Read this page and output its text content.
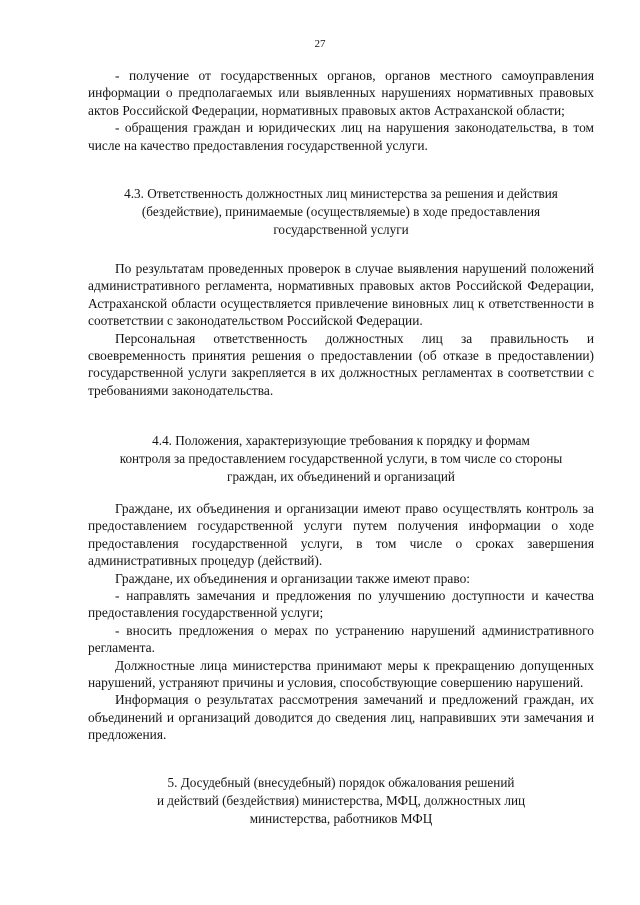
27

- получение от государственных органов, органов местного самоуправления информации о предполагаемых или выявленных нарушениях нормативных правовых актов Российской Федерации, нормативных правовых актов Астраханской области;

- обращения граждан и юридических лиц на нарушения законодательства, в том числе на качество предоставления государственной услуги.

4.3. Ответственность должностных лиц министерства за решения и действия

(бездействие), принимаемые (осуществляемые) в ходе предоставления

государственной услуги

По результатам проведенных проверок в случае выявления нарушений положений административного регламента, нормативных правовых актов Российской Федерации, Астраханской области осуществляется привлечение виновных лиц к ответственности в соответствии с законодательством Российской Федерации.

Персональная ответственность должностных лиц за правильность и своевременность принятия решения о предоставлении (об отказе в предоставлении) государственной услуги закрепляется в их должностных регламентах в соответствии с требованиями законодательства.

4.4. Положения, характеризующие требования к порядку и формам

контроля за предоставлением государственной услуги, в том числе со стороны

граждан, их объединений и организаций

Граждане, их объединения и организации имеют право осуществлять контроль за предоставлением государственной услуги путем получения информации о ходе предоставления государственной услуги, в том числе о сроках завершения административных процедур (действий).

Граждане, их объединения и организации также имеют право:

- направлять замечания и предложения по улучшению доступности и качества предоставления государственной услуги;

- вносить предложения о мерах по устранению нарушений административного регламента.

Должностные лица министерства принимают меры к прекращению допущенных нарушений, устраняют причины и условия, способствующие совершению нарушений.

Информация о результатах рассмотрения замечаний и предложений граждан, их объединений и организаций доводится до сведения лиц, направивших эти замечания и предложения.

5. Досудебный (внесудебный) порядок обжалования решений

и действий (бездействия) министерства, МФЦ, должностных лиц

министерства, работников МФЦ
